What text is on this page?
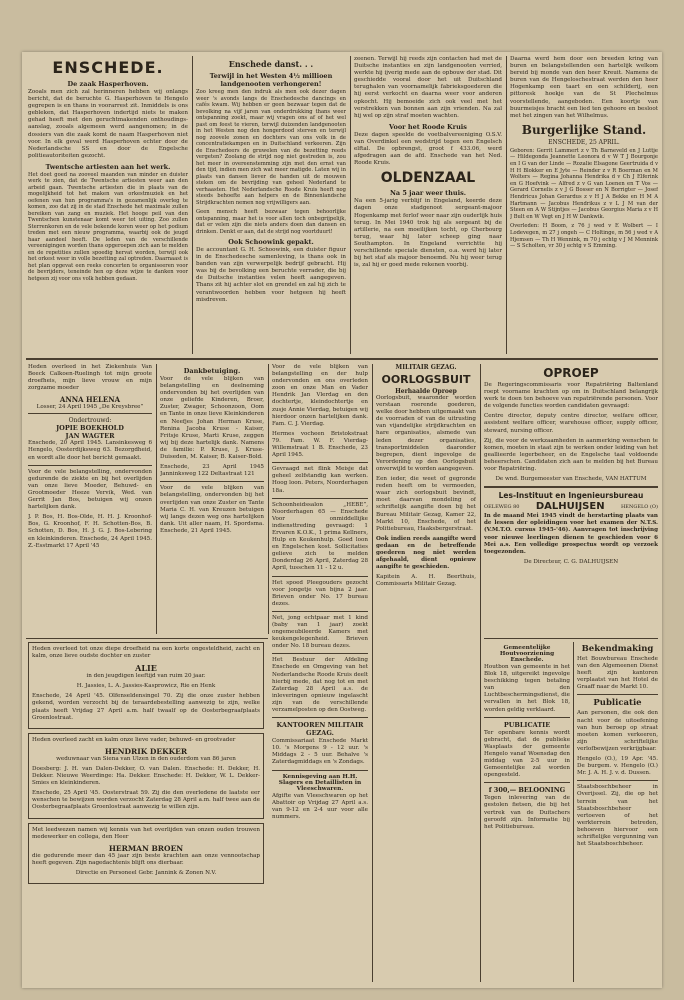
ENSCHEDE.
De zaak Hasperhoven.

Zooals men zich zal herinneren hebben wij onlangs bericht, dat de beruchte G. Hasperhoven te Hengelo gegrepen is en thans in voorarrest zit. Inmiddels is ons gebleken, dat Hasperhoven indertijd niets te maken gehad heeft met den geruchtmakenden onthoudings-aanslag, zooals algemeen werd aangenomen; in de dossiers van die zaak komt de naam Hasperhoven niet voor. In elk geval werd Hasperhoven echter door de Nederlandsche SS en door de Engelsche politieautoriteiten gezocht.

Twentsche artiesten aan het werk.

Het doet goed na zooveel maanden van minder en duister werk te zien, dat de Twentsche artiesten weer aan den arbeid gaan. Twentsche artiesten die in plaats van de mogelijkheid tot het maken van orkestmuziek en het oefenen van hun programma's in gezamenlijk overleg te komen, zoo dat zij in de stad Enschede het maximale zullen bereiken van zang en muziek. Het hooge peil van den Twentschen kunstenaar komt weer tot uiting. Zoo zullen Sterrenkoren en de vele bekende koren weer op het podium treden met een nieuw programma, waarbij ook de jeugd haar aandeel heeft. De leden van de verschillende vereenigingen worden thans opgeroepen zich aan te melden en de repetities zullen spoedig hervat worden, terwijl ook het orkest weer in volle bezetting zal optreden. Daarnaast is het plan opgevat een reeks concerten te organiseeren voor de bevrijders, teneinde hen op deze wijze te danken voor hetgeen zij voor ons volk hebben gedaan.

Enschede danst. . .
Terwijl in het Westen 4½ millioen landgenooten verhongeren!

Zoo kreeg men den indruk als men ook dezer dagen weer 's avonds langs de Enschedesche dancings en cafés kwam. Wij hebben er geen bezwaar tegen dat de bevolking na vijf jaren van onderdrukking thans weer ontspanning zoekt, maar wij vragen ons af of het wel past om feest te vieren, terwijl duizenden landgenooten in het Westen nog den hongerdood sterven en terwijl nog zoovele zonen en dochters van ons volk in de concentratiekampen en in Duitschland verkeeren. Zijn de Enschedeers de gruwelen van de bezetting reeds vergeten? Zoolang de strijd nog niet gestreden is, zou het meer in overeenstemming zijn met den ernst van den tijd, indien men zich wat meer matigde. Laten wij in plaats van dansen liever de handen uit de mouwen steken om de bevrijding van geheel Nederland te verhaasten. Het Nederlandsche Roode Kruis heeft nog steeds behoefte aan helpers en de Binnenlandsche Strijdkrachten nemen nog vrijwilligers aan.

Geen mensch heeft bezwaar tegen behoorlijke ontspanning, maar het is voor allen toch onbegrijpelijk, dat er velen zijn die niets anders doen dan dansen en drinken. Denkt er aan, dat de strijd nog voortduurt!

Ook Schoowink gepakt.

De accountant G. H. Schoowink, een duister figuur in de Enschedesche samenleving, is thans ook in banden van zijn verwerpelijk bedrijf gebracht. Hij was bij de bevolking een beruchte verrader, die bij de Duitsche instanties velen heeft aangegeven. Thans zit hij achter slot en grendel en zal hij zich te verantwoorden hebben voor hetgeen hij heeft misdreven.

zeenen. Terwijl hij reeds zijn contacten had met de Duitsche instanties en zijn landgenooten verried, werkte hij ijverig mede aan de opbouw der stad. Dit geschiedde vooral door het uit Duitschland terughalen van voornamelijk fabrieksgoederen die hij eerst verkocht en daarna weer voor anderen opkocht. Hij bemoeide zich ook veel met het verstrekken van bonnen aan zijn vrienden. Na zal hij wel op zijn straf moeten wachten.

Voor het Roode Kruis

Deze dagen speelde de voetbalvereeniging O.S.V. van Overdinkel een wedstrijd tegen een Engelsch elftal. De opbrengst, groot f 433.06, werd afgedragen aan de afd. Enschede van het Ned. Roode Kruis.

OLDENZAAL
Na 5 jaar weer thuis.

Na een 5-jarig verblijf in Engeland, keerde deze dagen onze stadgenoot sergeant-majoor Hogenkamp met ferlof weer naar zijn ouderlijk huis terug. In Mei 1940 trok hij als sergeant bij de artillerie, na een moeilijken tocht, op Cherbourg terug, waar hij later scheep ging naar Southampton. In Engeland verrichtte hij verschillende speciale diensten, o.a. werd hij later bij het staf als majoor benoemd. Nu hij weer terug is, zal hij er goed mede rekenen voorbij.

Daarna werd hem door een breeden kring van buren en belangstellenden een hartelijk welkom bereid bij monde van den heer Kreuit. Namens de buren van de Hengeloschestraat werden den heer Hogenkamp een taart en een schilderij, een pittoresk hoekje van de St Plechelmus voorstellende, aangeboden. Een koortje van buurmeisjes bracht een lied ten gehoore en besloot met het zingen van het Wilhelmus.

Burgerlijke Stand.
ENSCHEDE, 25 APRIL.

Geboren: Gerrit Lammert z v Th Barneveld en J Luttje — Hildegonda Jeannette Leonora d v W T J Bourgonje en I G van der Linde — Rozalie Elsagone Geertruida d v H H Blokker en E Jyte — Reinder z v R Boerman en M Wolters — Regina Johanna Hendrika d v Ch J Elferink en G Hoefvink — Alfred z v G van Loenen en T Vos — Gerard Cornelis z v J G Bosser en N Borrigter — Josef Hendricus Johan Gerardus z v H J A Bekke en H M A Hartmann — Jacobus Hendrikus z v L J M van der Steen en A W Stijntjes — Jacobus Georgius Maria z v H J Bult en W Vegt en J H W Dankwik.

Overleden: H Boom, z 76 j wed v E Wolbert — I Lodevegen, m 27 j ongeh — C Holtinge, m 56 j wed v A Hjemsen — Th H Wennink, m 70 j echtg v J M Mennink — S Scholten, vr 30 j echtg v S Emming.

Heden overleed in het Ziekenhuis Van Beeck Calkoen-Ruelingh tot mijn groote droefheis, mijn lieve vrouw en mijn zorgzame moeder

ANNA HELENA
Losser, 24 April 1945 „De Kreysbree”
Ondertrouwd:
JOPIE BOEKHOLD
JAN WAGTER

Enschede, 20 April 1945. Lansinkesweg 6 Hengelo, Oosterdijksweg 63. Bezorgdheid, en wordt alle door het bericht gemaakt.

Voor de vele belangstelling, ondervonden gedurende de ziekte en bij het overlijden van onze lieve Moeder, Behuwd- en Grootmoeder Heeze Vervik, Wed. van Gerrit Jan Bos, betuigen wij onzen hartelijken dank.

J. P. Bos, H. Bos-Olde, H. H. J. Kroonhof-Bos, G. Kroonhof, F. H. Schotten-Bos, B. Schotten, D. Bos, H. J. G. J. Bos-Lebering en kleinkinderen. Enschede, 24 April 1945. Z.-Esstmarkt 17 April '45

Dankbetuiging.

Voor de vele blijken van belangstelling en deelneming ondervonden bij het overlijden van onze geliefde Kinderen, Broer, Zuster, Zwager, Schoonzoon, Oom en Tante in onze lieve Kleinkinderen en Neefjes Johan Herman Kruse, Renina Jacoba Kruse - Kaiser, Fritsje Kruse, Marti Kruse, zeggen wij bij deze hartelijk dank. Namens de familie: P. Kruse, J. Kruse-Duiseden, M. Kaiser, B. Kaiser-Bold.

Enschede, 23 April 1945 Janninksweg 122 Deltastraat 121

Voor de vele blijken van belangstelling, ondervonden bij het overlijden van onze Zuster en Tante Maria C. H. van Kreuzen betuigen wij langs dezen weg ons hartelijken dank. Uit aller naam, H. Spordsma. Enschede, 21 April 1945.

Voor de vele blijken van belangstelling en der hulp ondervonden en ons overleden zoon en onze Man en Vader Hendrik Jan Vlerdag en den dochtertje, kleindochtertje en zusje Annie Vierdag, betuigen wij hierdoor onzen hartelijken dank. Fam. C. J. Vierdag.

Hermes vocheen Bristokstraat 79. Fam. W. F. Vierdag-Willemstraat 1 B. Enschede, 23 April 1945.

Gevraagd net flink Meisje dat geheel zelfstandig kan werken. Hoog loon. Peters, Noorderhagen 18a.

Schoonheidssalon „HEBE”, Noorderhagen 65 — Enschede Voor onmiddellijke indiensttreding gevraagd: 1 Ervaren K.O.K., 1 prima Kellners, Hulp en Keukenhulp. Goed loon en Engelschen kost. Sollicitaties gelieve zich te melden Donderdag 26 April, Zaterdag 28 April, tusschen 11 - 12 u.

Het spoed Pleegouders gezocht voor jongetje van bijna 2 jaar. Brieven onder No. 17 bureau dezes.

Net, jong echtpaar met 1 kind (baby van 1 jaar) zoekt ongemeubileerde Kamers met keukengelegenheid. Brieven onder No. 18 bureau dezes.

Het Bestuur der Afdeling Enschede en Omgeving van het Nederlandsche Roode Kruis deelt hierbij mede, dat nog tot en met Zaterdag 28 April a.s. de inleveringen opnieuw ingelascht zijn van de verschillende verzamelposten op den Oostweg.

KANTOOREN MILITAIR GEZAG.

Commissariaat Enschede Markt 10. 's Morgens 9 - 12 uur. 's Middags 2 - 5 uur. Behalve 's Zaterdagmiddags en 's Zondags.

Kennisgeving aan H.H. Slagers en Detaillisten in Vleeschwaren.

Afgifte van Vleeschwaren op het Abattoir op Vrijdag 27 April a.s. van 9-12 en 2-4 uur voor alle nummers.

MILITAIR GEZAG.
OORLOGSBUIT
Herhaalde Oproep

Oorlogsbuit, waaronder worden verstaan roerende goederen, welke door hebben uitgemaakt van de voorraden of van de uitrusting van vijandelijke strijdkrachten en hare organisaties, alsmede van leden dezer organisaties, transportmiddelen daaronder begrepen, dient ingevolge de Verordening op den Oorlogsbuit onverwijld te worden aangegeven.

Een ieder, die weet of gegronde reden heeft om te vermoeden, waar zich oorlogsbuit bevindt, moet daarvan mondeling of schriftelijk aangifte doen bij het Bureau Militair Gezag, Kamer 22, Markt 10, Enschede, of het Politiebureau, Haaksbergerstraat.

Ook indien reeds aangifte werd gedaan en de betreffende goederen nog niet werden afgehaald, dient opnieuw aangifte te geschieden.

Kapitein A. H. Beerthuis, Commissaris Militair Gezag.

OPROEP

De Regeringscommissaris voor Repatriëring Baltenland roept voorname krachten op om in Duitschland belangrijk werk te doen ten behoeve van repatriërende personen. Voor de volgende functies worden candidaten gevraagd:

Centre director, deputy centre director, welfare officer, assistent welfare officer, warehouse officer, supply officer, steward, nursing officer.

Zij, die voor de werkzaamheden in aanmerking wenschen te komen, moeten in staat zijn te werken onder leiding van het geallieerde legerbeheer, en de Engelsche taal voldoende beheerschen. Candidaten zich aan te melden bij het Bureau voor Repatriëring.

De wnd. Burgemeester van Enschede, VAN HATTUM

Les-Instituut en Ingenieursbureau
OELEWEG 80 DALHUIJSEN	HENGELO (O)

In de maand Mei 1945 vindt de herstarting plaats van de lessen der opleidingen voor het examen der N.T.S. (V.M.T.O. cursus 1945-'46). Aanvragen tot inschrijving voor nieuwe leerlingen dienen te geschieden voor 6 Mei a.s. Een volledige prospectus wordt op verzoek toegezonden.

De Directeur, C. G. DALHUIJSEN

Heden overleed tot onze diepe droefheid na een korte ongesteldheid, zacht en kalm, onze lieve oudste dochter en zuster

ALIE

in den jeugdigen leeftijd van ruim 20 jaar.

H. Jassies, L. A. Jassies-Kasprowicz, Rie en Henk

Enschede, 24 April '45. Olfenseldensingel 70. Zij die onze zuster hebben gekend, worden verzocht bij de teraardebestelling aanwezig te zijn, welke plaats heeft Vrijdag 27 April a.m. half twaalf op de Oosterbegraafplaats Groenlostraat.

Heden overleed zacht en kalm onze lieve vader, behuwd- en grootvader

HENDRIK DEKKER

weduwnaar van Siena van Ulzen in den ouderdom van 86 jaren

Doesberg: J. H. van Dalen-Dekker, O. van Dalen. Enschede: H. Dekker, H. Dekker. Nieuwe Weerdinge: Ha. Dekker. Enschede: H. Dekker, W. L. Dekker-Smies en kleinkinderen.

Enschede, 25 April '45. Oosterstraat 59. Zij die den overledene de laatste eer wenschen te bewijzen worden verzocht Zaterdag 28 April a.m. half twee aan de Oosterbegraafplaats Groenlostraat aanwezig te willen zijn.

Met leedwezen namen wij kennis van het overlijden van onzen ouden trouwen medewerker en collega, den Heer

HERMAN BROEN

die gedurende meer dan 45 jaar zijn beste krachten aan onze vennootschap heeft gegeven. Zijn nagedachtenis blijft ons dierbaar.

Directie en Personeel Gebr. Jannink & Zonen N.V.

Gemeentelijke Houtvoorziening Enschede.

Houtbon van gemeente in het Blok 18, uitgereikt ingevolge beschikking tegen betaling van den Luchtbeschermingsdienst, die vervallen in het Blok 18, worden geldig verklaard.

PUBLICATIE

Ter openbare kennis wordt gebracht, dat de publieke Wasplaats der gemeente Hengelo vanaf Woensdag den middag van 2-5 uur in Gemeentelijke zal worden opengesteld.

f 300,— BELOONING

Tegen inlevering van de gestolen fietsen, die bij het vertrek van de Duitschers geroofd zijn. Informatie bij het Politiebureau.

Bekendmaking

Het Bouwbureau Enschede van den Algemeenen Dienst heeft zijn kantoren verplaatst van het Hotel de Graaff naar de Markt 10.

Publicatie

Aan personen, die ook den nacht voor de uitoefening van hun beroep op straat moeten komen verkeeren, zijn schriftelijke verlofbewijzen verkrijgbaar.

Hengelo (O.), 19 Apr. '45. De burgem. v. Hengelo (O.) Mr. J. A. H. J. v. d. Dussen.

Staatsboschbeheer in Overijssel. Zij, die op het terrein van het Staatsboschbeheer vertoeven of het werkterrein betreden, behoeven hiervoor een schriftelijke vergunning van het Staatsboschbeheer.
